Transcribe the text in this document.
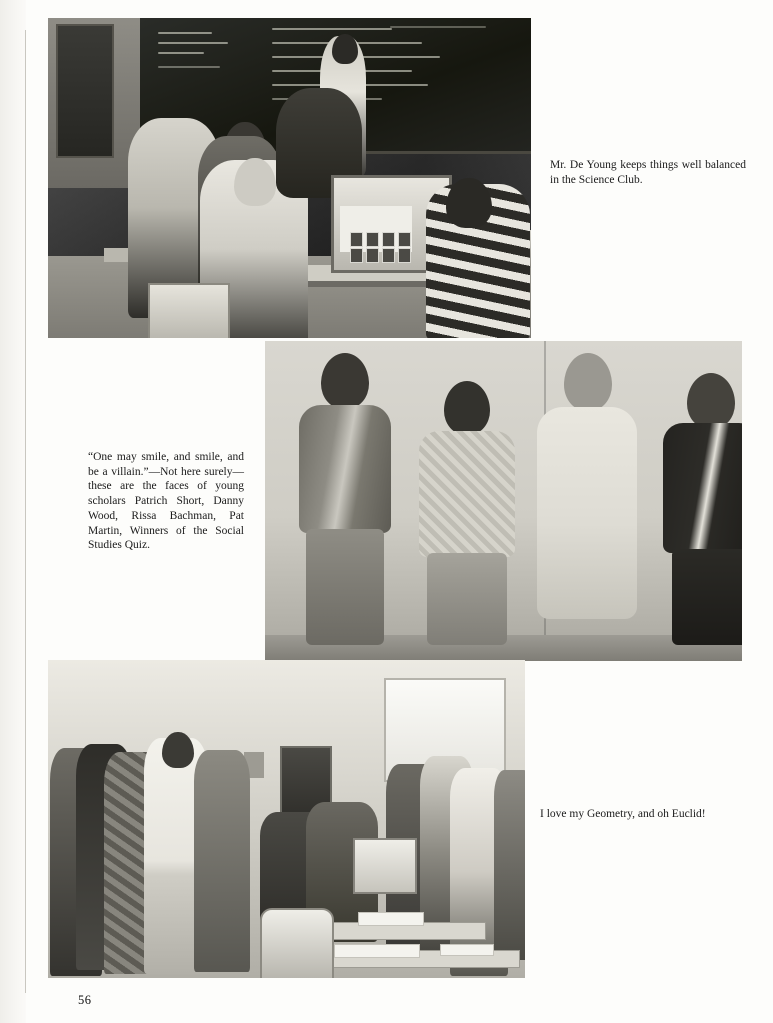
Mr. De Young keeps things well balanced in the Science Club.
“One may smile, and smile, and be a villain.”—Not here surely—these are the faces of young scholars Patrich Short, Danny Wood, Rissa Bachman, Pat Martin, Winners of the Social Studies Quiz.
I love my Geometry, and oh Euclid!
56
